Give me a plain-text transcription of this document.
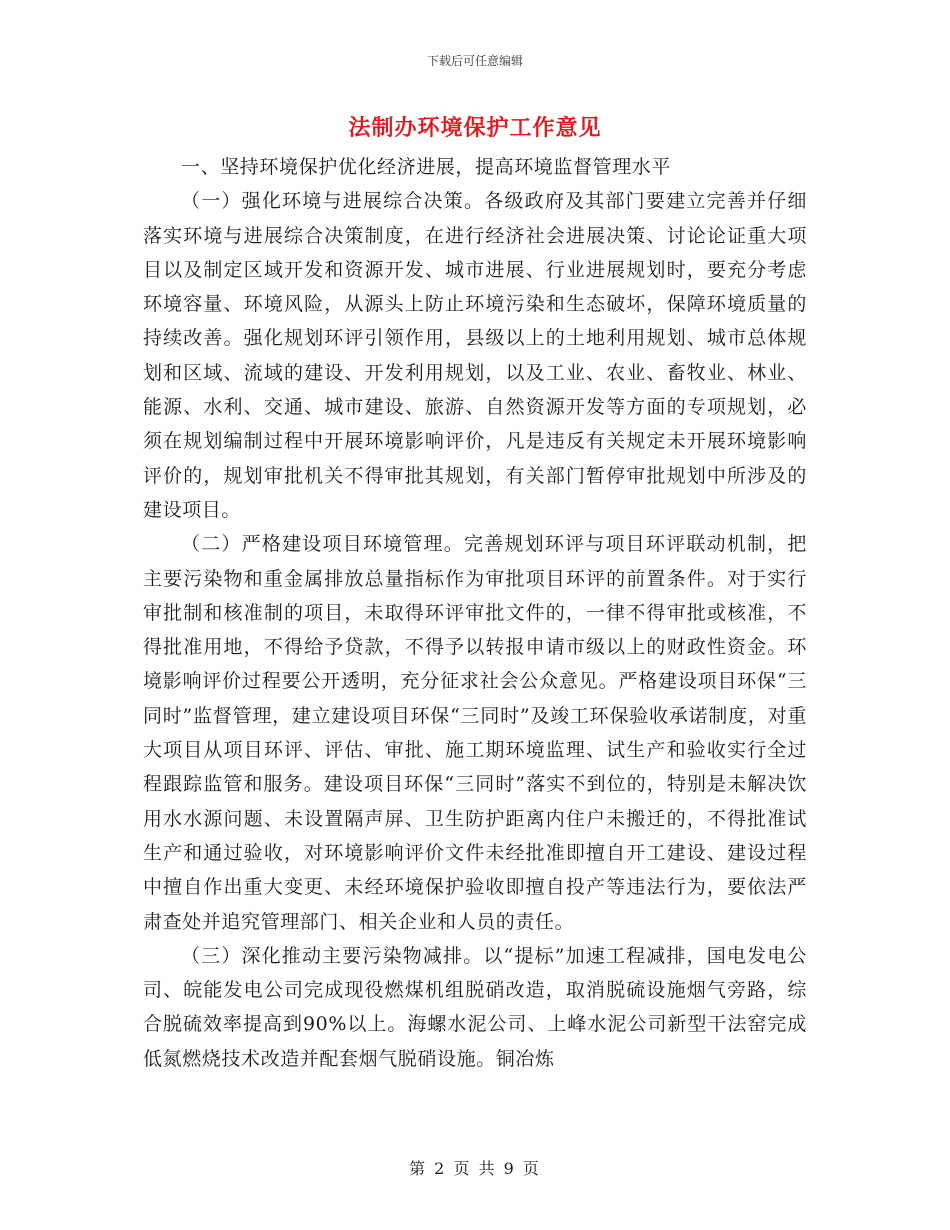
下载后可任意编辑
法制办环境保护工作意见

一、坚持环境保护优化经济进展，提高环境监督管理水平

（一）强化环境与进展综合决策。各级政府及其部门要建立完善并仔细落实环境与进展综合决策制度，在进行经济社会进展决策、讨论论证重大项目以及制定区域开发和资源开发、城市进展、行业进展规划时，要充分考虑环境容量、环境风险，从源头上防止环境污染和生态破坏，保障环境质量的持续改善。强化规划环评引领作用，县级以上的土地利用规划、城市总体规划和区域、流域的建设、开发利用规划，以及工业、农业、畜牧业、林业、能源、水利、交通、城市建设、旅游、自然资源开发等方面的专项规划，必须在规划编制过程中开展环境影响评价，凡是违反有关规定未开展环境影响评价的，规划审批机关不得审批其规划，有关部门暂停审批规划中所涉及的建设项目。

（二）严格建设项目环境管理。完善规划环评与项目环评联动机制，把主要污染物和重金属排放总量指标作为审批项目环评的前置条件。对于实行审批制和核准制的项目，未取得环评审批文件的，一律不得审批或核准，不得批准用地，不得给予贷款，不得予以转报申请市级以上的财政性资金。环境影响评价过程要公开透明，充分征求社会公众意见。严格建设项目环保“三同时”监督管理，建立建设项目环保“三同时”及竣工环保验收承诺制度，对重大项目从项目环评、评估、审批、施工期环境监理、试生产和验收实行全过程跟踪监管和服务。建设项目环保“三同时”落实不到位的，特别是未解决饮用水水源问题、未设置隔声屏、卫生防护距离内住户未搬迁的，不得批准试生产和通过验收，对环境影响评价文件未经批准即擅自开工建设、建设过程中擅自作出重大变更、未经环境保护验收即擅自投产等违法行为，要依法严肃查处并追究管理部门、相关企业和人员的责任。

（三）深化推动主要污染物减排。以“提标”加速工程减排，国电发电公司、皖能发电公司完成现役燃煤机组脱硝改造，取消脱硫设施烟气旁路，综合脱硫效率提高到90%以上。海螺水泥公司、上峰水泥公司新型干法窑完成低氮燃烧技术改造并配套烟气脱硝设施。铜冶炼

第 2 页 共 9 页
